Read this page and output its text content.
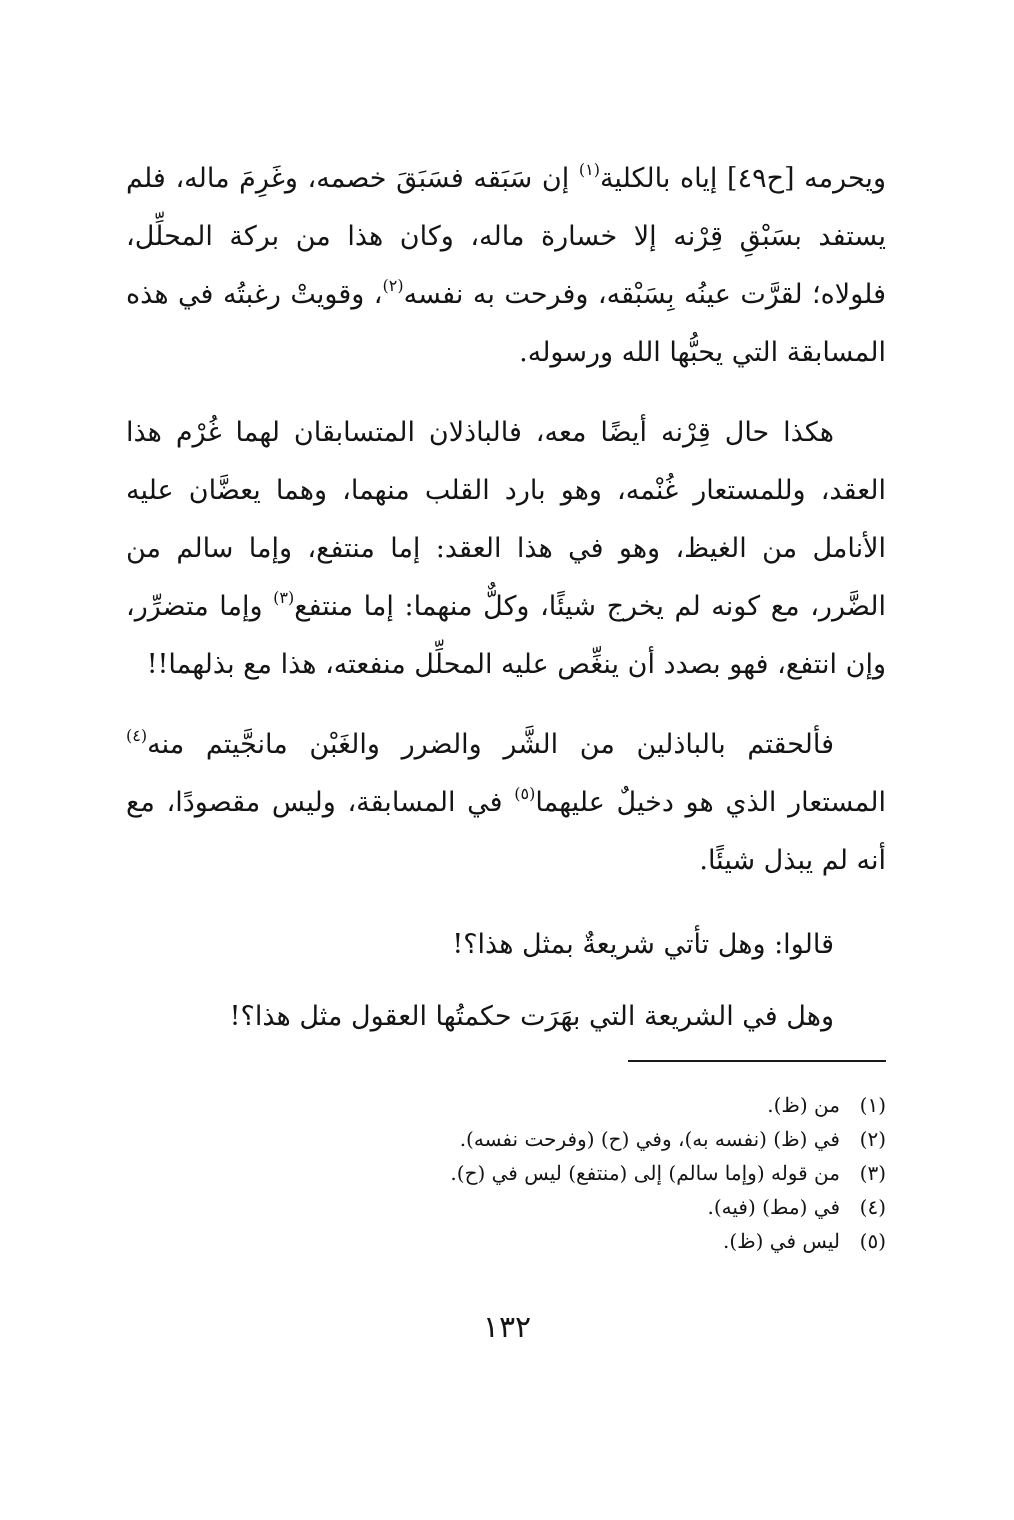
ويحرمه [ح٤٩] إياه بالكلية$^{(١)}$ إن سَبَقه فسَبَقَ خصمه، وغَرِمَ ماله، فلم يستفد بسَبْقِ قِرْنه إلا خسارة ماله، وكان هذا من بركة المحلِّل، فلولاه؛ لقرَّت عينُه بِسَبْقه، وفرحت به نفسه$^{(٢)}$، وقويتْ رغبتُه في هذه المسابقة التي يحبُّها الله ورسوله.

هكذا حال قِرْنه أيضًا معه، فالباذلان المتسابقان لهما غُرْم هذا العقد، وللمستعار غُنْمه، وهو بارد القلب منهما، وهما يعضَّان عليه الأنامل من الغيظ، وهو في هذا العقد: إما منتفع، وإما سالم من الضَّرر، مع كونه لم يخرج شيئًا، وكلٌّ منهما: إما منتفع$^{(٣)}$ وإما متضرِّر، وإن انتفع، فهو بصدد أن ينغِّص عليه المحلِّل منفعته، هذا مع بذلهما!!

فألحقتم بالباذلين من الشَّر والضرر والغَبْن مانجَّيتم منه$^{(٤)}$ المستعار الذي هو دخيلٌ عليهما$^{(٥)}$ في المسابقة، وليس مقصودًا، مع أنه لم يبذل شيئًا.

قالوا: وهل تأتي شريعةٌ بمثل هذا؟!

وهل في الشريعة التي بهَرَت حكمتُها العقول مثل هذا؟!

(١)من (ظ).
(٢)في (ظ) (نفسه به)، وفي (ح) (وفرحت نفسه).
(٣)من قوله (وإما سالم) إلى (منتفع) ليس في (ح).
(٤)في (مط) (فيه).
(٥)ليس في (ظ).
١٣٢
